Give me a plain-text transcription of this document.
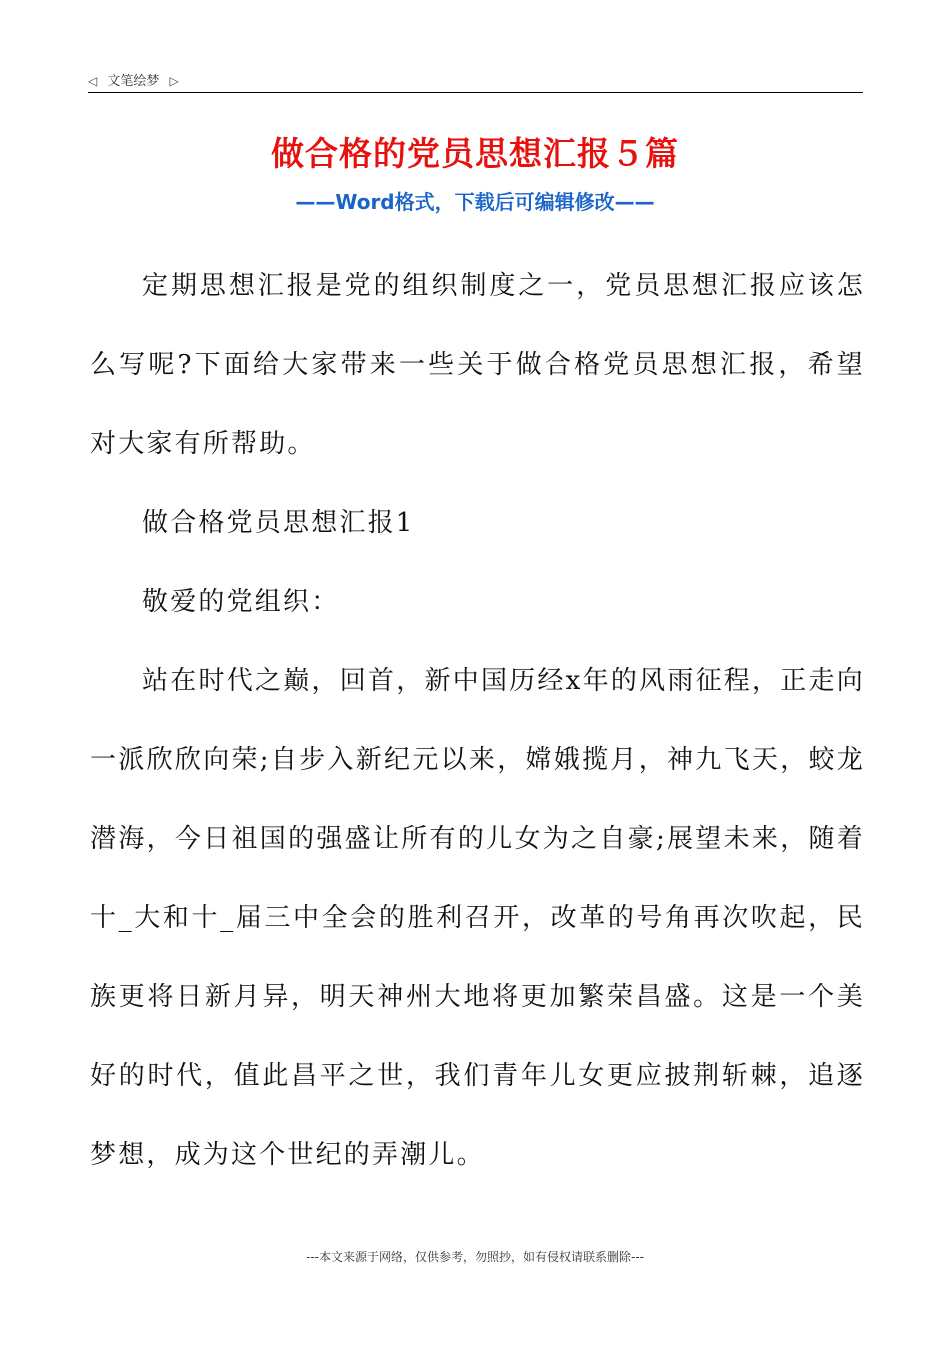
◁ 文笔绘梦 ▷
做合格的党员思想汇报５篇
——Word格式，下载后可编辑修改——

定期思想汇报是党的组织制度之一，党员思想汇报应该怎么写呢?下面给大家带来一些关于做合格党员思想汇报，希望对大家有所帮助。

做合格党员思想汇报1

敬爱的党组织：

站在时代之巅，回首，新中国历经x年的风雨征程，正走向一派欣欣向荣;自步入新纪元以来，嫦娥揽月，神九飞天，蛟龙潜海，今日祖国的强盛让所有的儿女为之自豪;展望未来，随着十_大和十_届三中全会的胜利召开，改革的号角再次吹起，民族更将日新月异，明天神州大地将更加繁荣昌盛。这是一个美好的时代，值此昌平之世，我们青年儿女更应披荆斩棘，追逐梦想，成为这个世纪的弄潮儿。

---本文来源于网络，仅供参考，勿照抄，如有侵权请联系删除---
